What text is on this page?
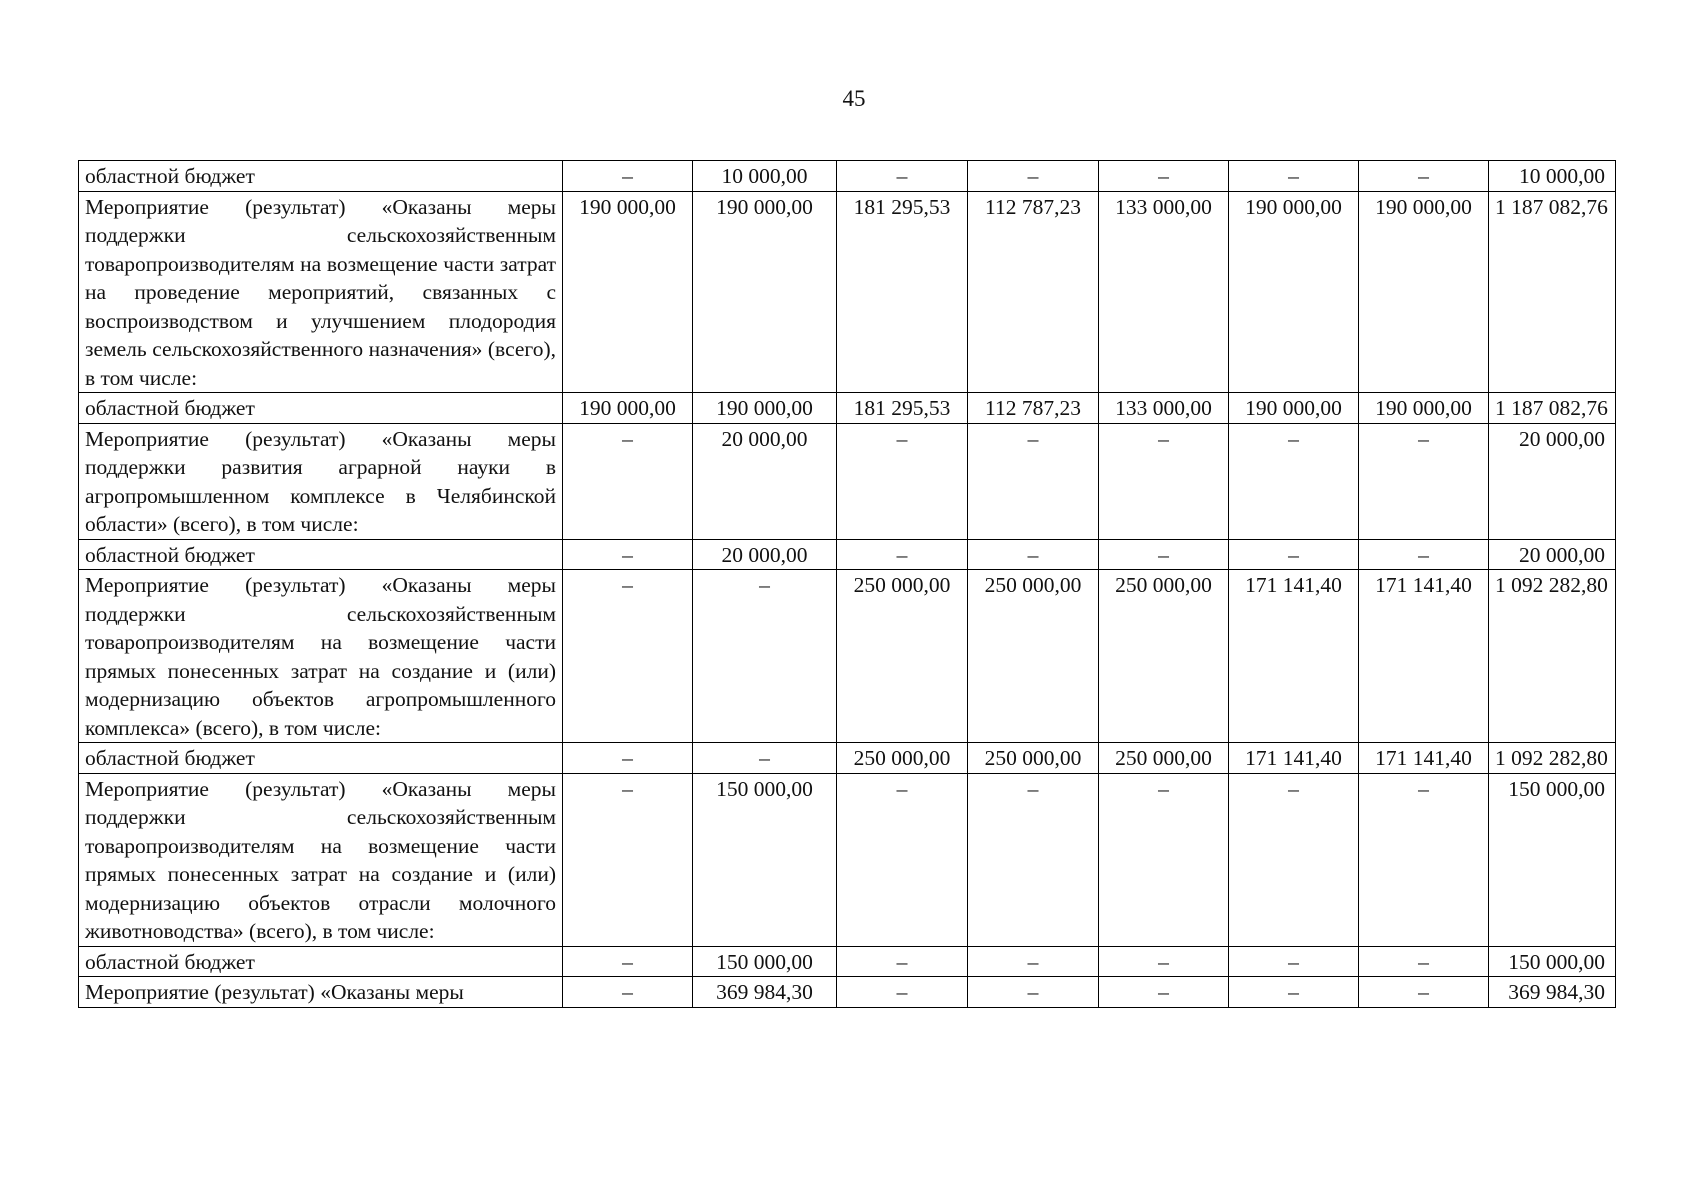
45
областной бюджет	–	10 000,00	–	–	–	–	–	10 000,00
Мероприятие (результат) «Оказаны меры поддержки сельскохозяйственным товаропроизводителям на возмещение части затрат на проведение мероприятий, связанных с воспроизводством и улучшением плодородия земель сельскохозяйственного назначения» (всего), в том числе:	190 000,00	190 000,00	181 295,53	112 787,23	133 000,00	190 000,00	190 000,00	1 187 082,76
областной бюджет	190 000,00	190 000,00	181 295,53	112 787,23	133 000,00	190 000,00	190 000,00	1 187 082,76
Мероприятие (результат) «Оказаны меры поддержки развития аграрной науки в агропромышленном комплексе в Челябинской области» (всего), в том числе:	–	20 000,00	–	–	–	–	–	20 000,00
областной бюджет	–	20 000,00	–	–	–	–	–	20 000,00
Мероприятие (результат) «Оказаны меры поддержки сельскохозяйственным товаропроизводителям на возмещение части прямых понесенных затрат на создание и (или) модернизацию объектов агропромышленного комплекса» (всего), в том числе:	–	–	250 000,00	250 000,00	250 000,00	171 141,40	171 141,40	1 092 282,80
областной бюджет	–	–	250 000,00	250 000,00	250 000,00	171 141,40	171 141,40	1 092 282,80
Мероприятие (результат) «Оказаны меры поддержки сельскохозяйственным товаропроизводителям на возмещение части прямых понесенных затрат на создание и (или) модернизацию объектов отрасли молочного животноводства» (всего), в том числе:	–	150 000,00	–	–	–	–	–	150 000,00
областной бюджет	–	150 000,00	–	–	–	–	–	150 000,00
Мероприятие (результат) «Оказаны меры	–	369 984,30	–	–	–	–	–	369 984,30
